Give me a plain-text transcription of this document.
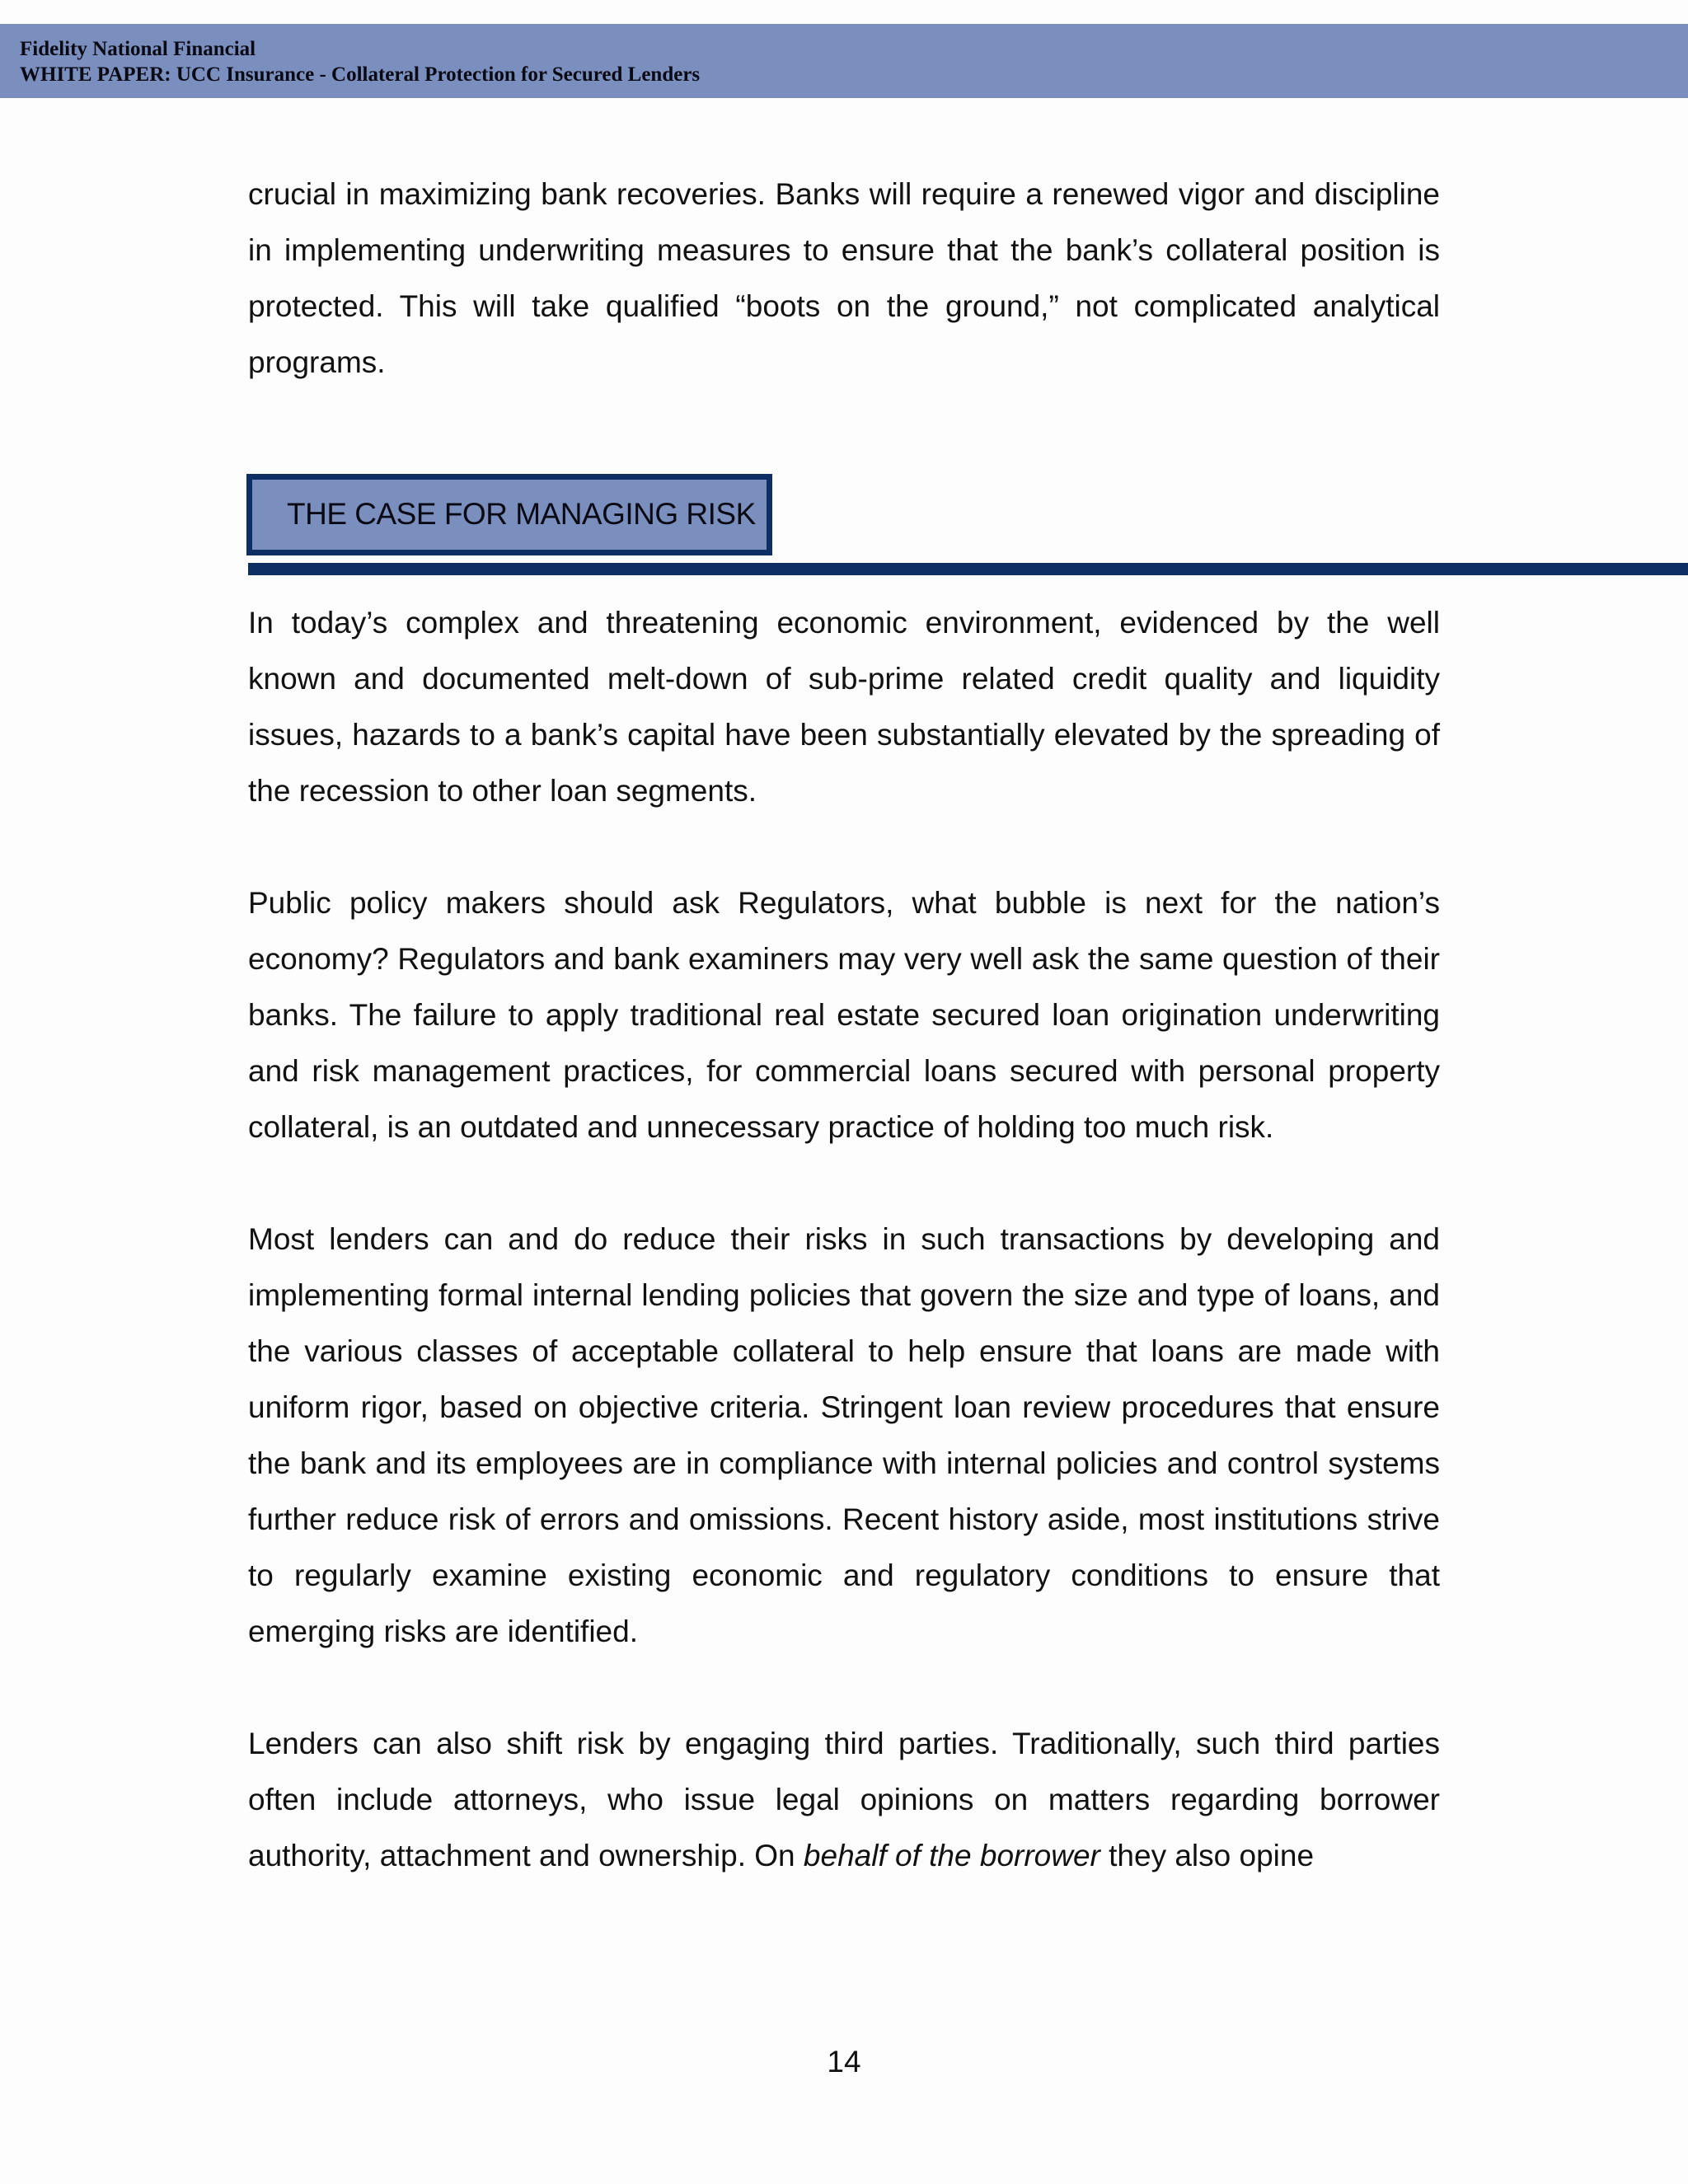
Fidelity National Financial
WHITE PAPER: UCC Insurance - Collateral Protection for Secured Lenders

crucial in maximizing bank recoveries. Banks will require a renewed vigor and discipline in implementing underwriting measures to ensure that the bank’s collateral position is protected. This will take qualified “boots on the ground,” not complicated analytical programs.

THE CASE FOR MANAGING RISK

In today’s complex and threatening economic environment, evidenced by the well known and documented melt-down of sub-prime related credit quality and liquidity issues, hazards to a bank’s capital have been substantially elevated by the spreading of the recession to other loan segments.

Public policy makers should ask Regulators, what bubble is next for the nation’s economy? Regulators and bank examiners may very well ask the same question of their banks. The failure to apply traditional real estate secured loan origination underwriting and risk management practices, for commercial loans secured with personal property collateral, is an outdated and unnecessary practice of holding too much risk.

Most lenders can and do reduce their risks in such transactions by developing and implementing formal internal lending policies that govern the size and type of loans, and the various classes of acceptable collateral to help ensure that loans are made with uniform rigor, based on objective criteria. Stringent loan review procedures that ensure the bank and its employees are in compliance with internal policies and control systems further reduce risk of errors and omissions. Recent history aside, most institutions strive to regularly examine existing economic and regulatory conditions to ensure that emerging risks are identified.

Lenders can also shift risk by engaging third parties. Traditionally, such third parties often include attorneys, who issue legal opinions on matters regarding borrower authority, attachment and ownership. On behalf of the borrower they also opine

14
